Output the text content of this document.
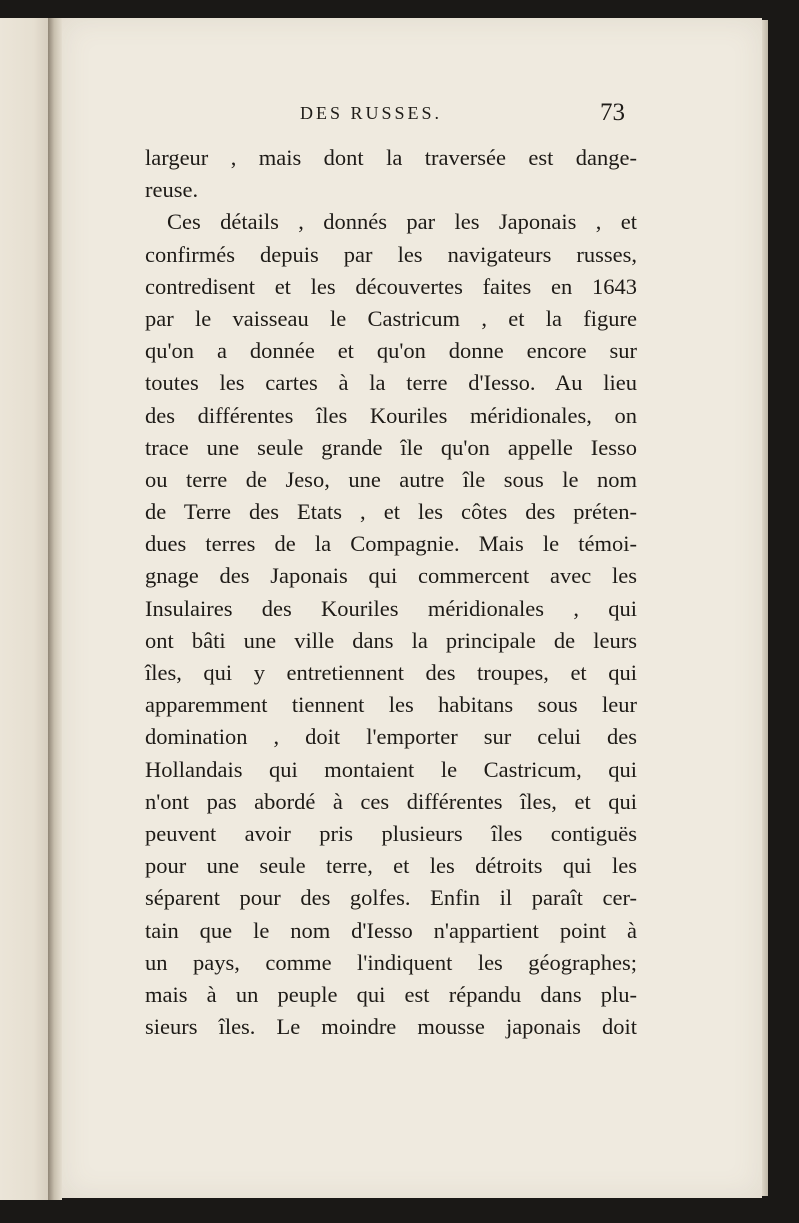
DES RUSSES.	73
largeur , mais dont la traversée est dange-
reuse.
Ces détails , donnés par les Japonais , et
confirmés depuis par les navigateurs russes,
contredisent et les découvertes faites en 1643
par le vaisseau le Castricum , et la figure
qu'on a donnée et qu'on donne encore sur
toutes les cartes à la terre d'Iesso. Au lieu
des différentes îles Kouriles méridionales, on
trace une seule grande île qu'on appelle Iesso
ou terre de Jeso, une autre île sous le nom
de Terre des Etats , et les côtes des préten-
dues terres de la Compagnie. Mais le témoi-
gnage des Japonais qui commercent avec les
Insulaires des Kouriles méridionales , qui
ont bâti une ville dans la principale de leurs
îles, qui y entretiennent des troupes, et qui
apparemment tiennent les habitans sous leur
domination , doit l'emporter sur celui des
Hollandais qui montaient le Castricum, qui
n'ont pas abordé à ces différentes îles, et qui
peuvent avoir pris plusieurs îles contiguës
pour une seule terre, et les détroits qui les
séparent pour des golfes. Enfin il paraît cer-
tain que le nom d'Iesso n'appartient point à
un pays, comme l'indiquent les géographes;
mais à un peuple qui est répandu dans plu-
sieurs îles. Le moindre mousse japonais doit
